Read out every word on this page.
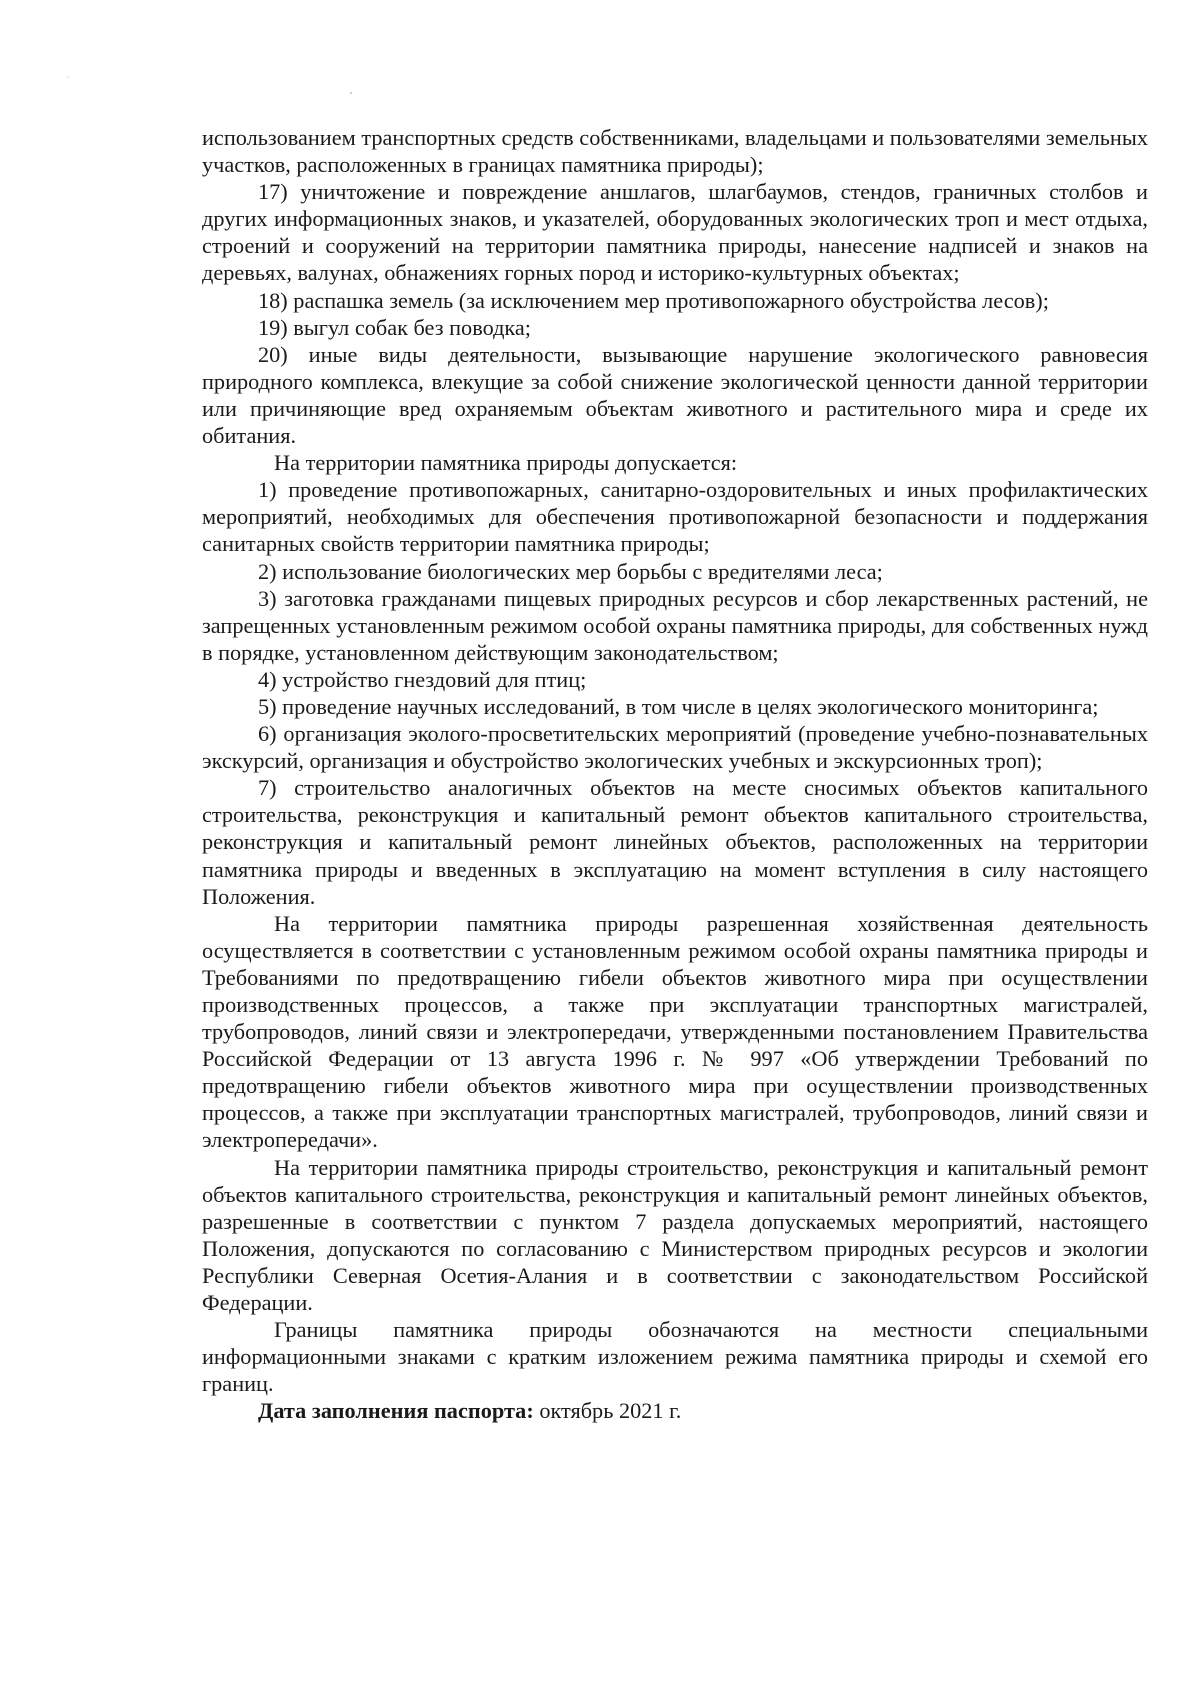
ˊ
ˊ

использованием транспортных средств собственниками, владельцами и пользователями земельных участков, расположенных в границах памятника природы);

17) уничтожение и повреждение аншлагов, шлагбаумов, стендов, граничных столбов и других информационных знаков, и указателей, оборудованных экологических троп и мест отдыха, строений и сооружений на территории памятника природы, нанесение надписей и знаков на деревьях, валунах, обнажениях горных пород и историко-культурных объектах;

18) распашка земель (за исключением мер противопожарного обустройства лесов);

19) выгул собак без поводка;

20) иные виды деятельности, вызывающие нарушение экологического равновесия природного комплекса, влекущие за собой снижение экологической ценности данной территории или причиняющие вред охраняемым объектам животного и растительного мира и среде их обитания.

На территории памятника природы допускается:

1) проведение противопожарных, санитарно-оздоровительных и иных профилактических мероприятий, необходимых для обеспечения противопожарной безопасности и поддержания санитарных свойств территории памятника природы;

2) использование биологических мер борьбы с вредителями леса;

3) заготовка гражданами пищевых природных ресурсов и сбор лекарственных растений, не запрещенных установленным режимом особой охраны памятника природы, для собственных нужд в порядке, установленном действующим законодательством;

4) устройство гнездовий для птиц;

5) проведение научных исследований, в том числе в целях экологического мониторинга;

6) организация эколого-просветительских мероприятий (проведение учебно-познавательных экскурсий, организация и обустройство экологических учебных и экскурсионных троп);

7) строительство аналогичных объектов на месте сносимых объектов капитального строительства, реконструкция и капитальный ремонт объектов капитального строительства, реконструкция и капитальный ремонт линейных объектов, расположенных на территории памятника природы и введенных в эксплуатацию на момент вступления в силу настоящего Положения.

На территории памятника природы разрешенная хозяйственная деятельность осуществляется в соответствии с установленным режимом особой охраны памятника природы и Требованиями по предотвращению гибели объектов животного мира при осуществлении производственных процессов, а также при эксплуатации транспортных магистралей, трубопроводов, линий связи и электропередачи, утвержденными постановлением Правительства Российской Федерации от 13 августа 1996 г. № 997 «Об утверждении Требований по предотвращению гибели объектов животного мира при осуществлении производственных процессов, а также при эксплуатации транспортных магистралей, трубопроводов, линий связи и электропередачи».

На территории памятника природы строительство, реконструкция и капитальный ремонт объектов капитального строительства, реконструкция и капитальный ремонт линейных объектов, разрешенные в соответствии с пунктом 7 раздела допускаемых мероприятий, настоящего Положения, допускаются по согласованию с Министерством природных ресурсов и экологии Республики Северная Осетия-Алания и в соответствии с законодательством Российской Федерации.

Границы памятника природы обозначаются на местности специальными информационными знаками с кратким изложением режима памятника природы и схемой его границ.

Дата заполнения паспорта: октябрь 2021 г.
